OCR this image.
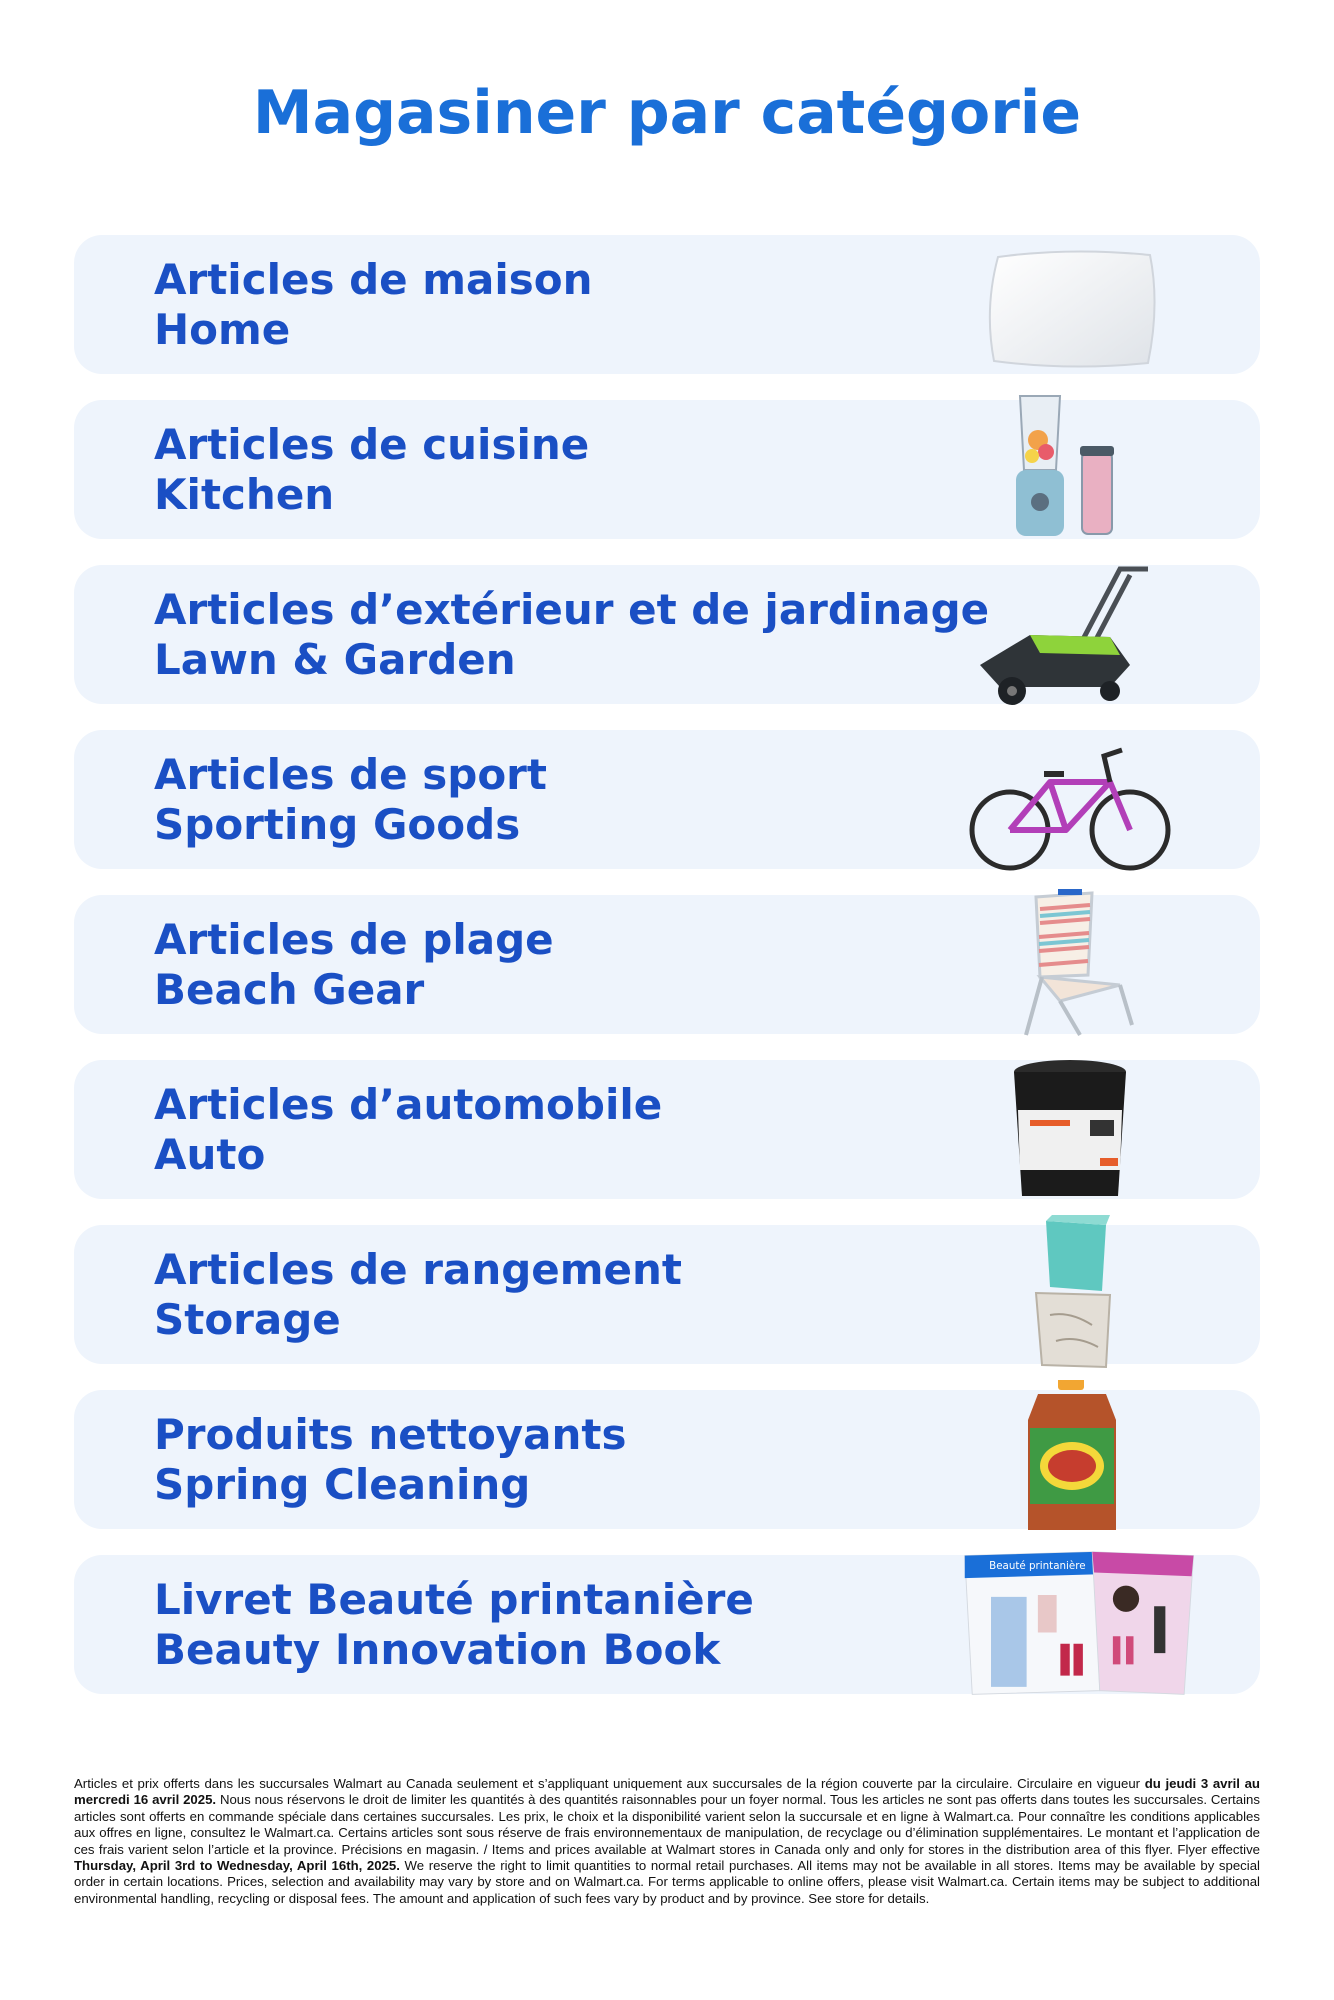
Magasiner par catégorie
Articles de maison
Home
Articles de cuisine
Kitchen
Articles d’extérieur et de jardinage
Lawn & Garden
Articles de sport
Sporting Goods
Articles de plage
Beach Gear
Articles d’automobile
Auto
Articles de rangement
Storage
Produits nettoyants
Spring Cleaning
Livret Beauté printanière
Beauty Innovation Book
Beauté printanière
Articles et prix offerts dans les succursales Walmart au Canada seulement et s’appliquant uniquement aux succursales de la région couverte par la circulaire. Circulaire en vigueur du jeudi 3 avril au mercredi 16 avril 2025. Nous nous réservons le droit de limiter les quantités à des quantités raisonnables pour un foyer normal. Tous les articles ne sont pas offerts dans toutes les succursales. Certains articles sont offerts en commande spéciale dans certaines succursales. Les prix, le choix et la disponibilité varient selon la succursale et en ligne à Walmart.ca. Pour connaître les conditions applicables aux offres en ligne, consultez le Walmart.ca. Certains articles sont sous réserve de frais environnementaux de manipulation, de recyclage ou d’élimination supplémentaires. Le montant et l’application de ces frais varient selon l’article et la province. Précisions en magasin. / Items and prices available at Walmart stores in Canada only and only for stores in the distribution area of this flyer. Flyer effective Thursday, April 3rd to Wednesday, April 16th, 2025. We reserve the right to limit quantities to normal retail purchases. All items may not be available in all stores. Items may be available by special order in certain locations. Prices, selection and availability may vary by store and on Walmart.ca. For terms applicable to online offers, please visit Walmart.ca. Certain items may be subject to additional environmental handling, recycling or disposal fees. The amount and application of such fees vary by product and by province. See store for details.
